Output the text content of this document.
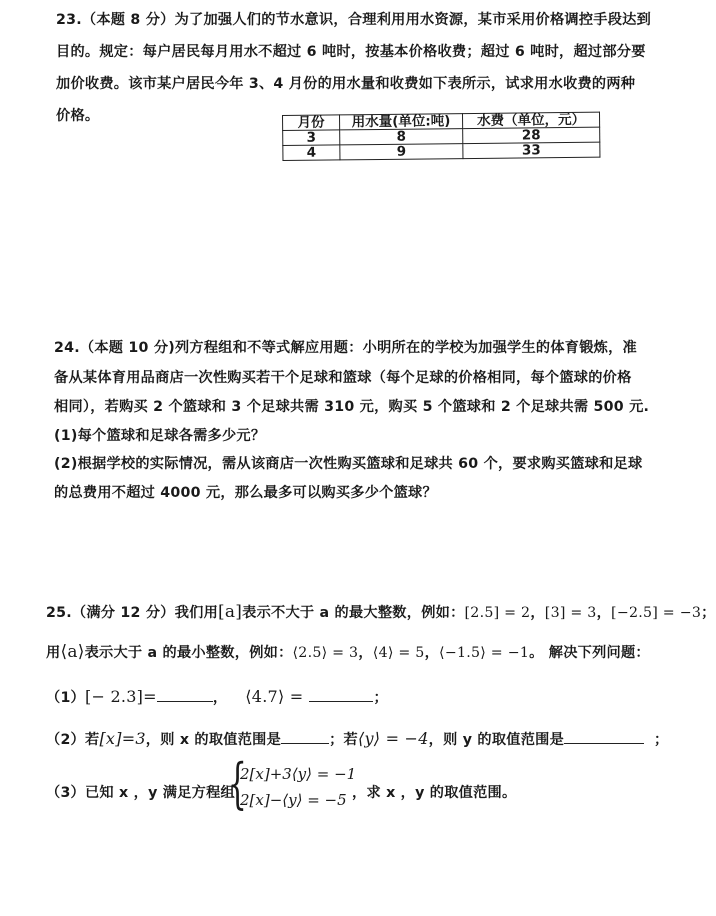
23.（本题 8 分）为了加强人们的节水意识，合理利用用水资源，某市采用价格调控手段达到
目的。规定：每户居民每月用水不超过 6 吨时，按基本价格收费；超过 6 吨时，超过部分要
加价收费。该市某户居民今年 3、4 月份的用水量和收费如下表所示，试求用水收费的两种
价格。	月份	用水量(单位:吨)	水费（单位，元）
3	8	28
4	9	33
24.（本题 10 分)列方程组和不等式解应用题：小明所在的学校为加强学生的体育锻炼，准
备从某体育用品商店一次性购买若干个足球和篮球（每个足球的价格相同，每个篮球的价格
相同），若购买 2 个篮球和 3 个足球共需 310 元，购买 5 个篮球和 2 个足球共需 500 元.
(1)每个篮球和足球各需多少元？
(2)根据学校的实际情况，需从该商店一次性购买篮球和足球共 60 个，要求购买篮球和足球
的总费用不超过 4000 元，那么最多可以购买多少个篮球？
25.（满分 12 分）我们用[a]表示不大于 a 的最大整数，例如：[2.5] = 2，[3] = 3，[−2.5] = −3；
用⟨a⟩表示大于 a 的最小整数，例如：⟨2.5⟩ = 3，⟨4⟩ = 5，⟨−1.5⟩ = −1。 解决下列问题：
（1）[− 2.3]=	， ⟨4.7⟩ =	；
（2）若[x]=3，则 x 的取值范围是	；若⟨y⟩ = −4，则 y 的取值范围是	；
（3）已知 x ，y 满足方程组
{
2[x]+3⟨y⟩ = −1
2[x]−⟨y⟩ = −5 ，求 x ，y 的取值范围。
